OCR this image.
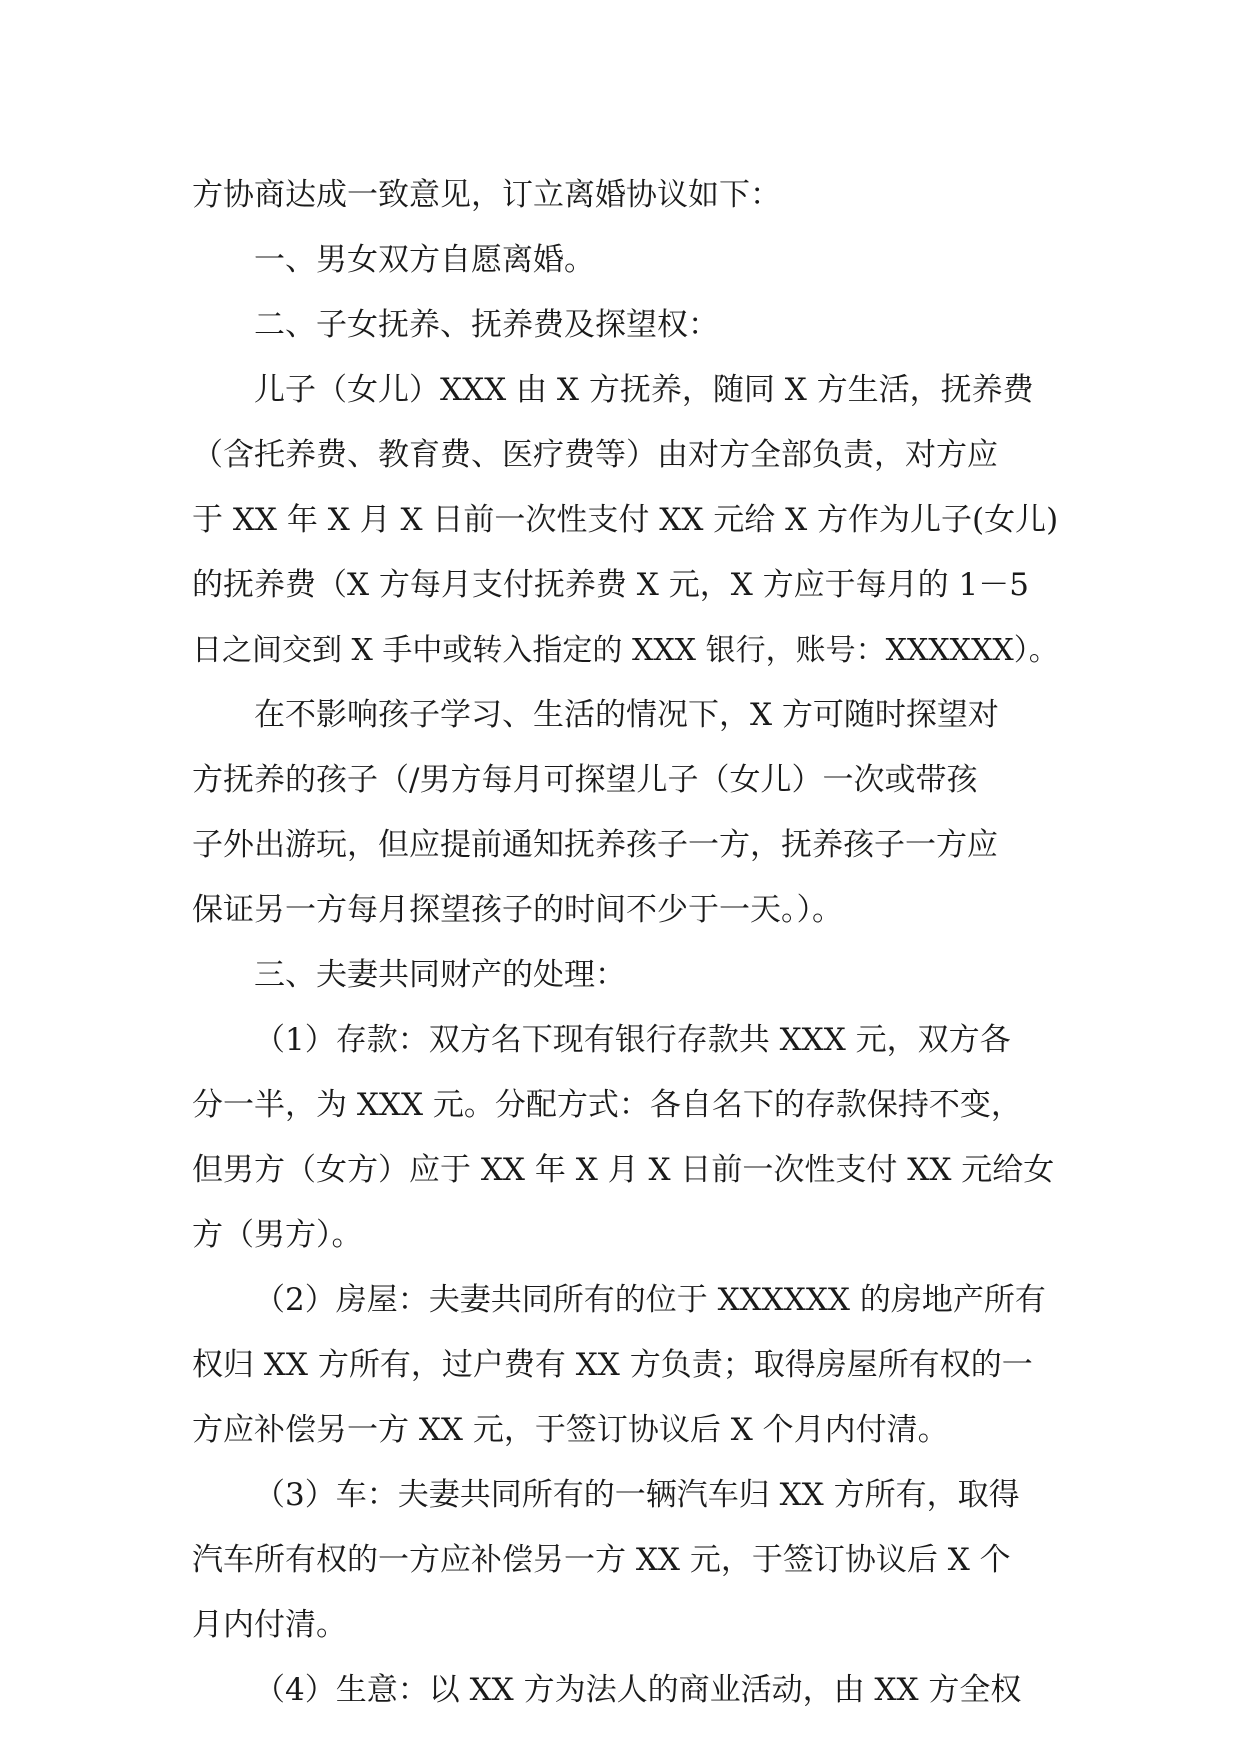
方协商达成一致意见，订立离婚协议如下：
一、男女双方自愿离婚。
二、子女抚养、抚养费及探望权：
儿子（女儿）XXX 由 X 方抚养，随同 X 方生活，抚养费
（含托养费、教育费、医疗费等）由对方全部负责，对方应
于 XX 年 X 月 X 日前一次性支付 XX 元给 X 方作为儿子(女儿)
的抚养费（X 方每月支付抚养费 X 元，X 方应于每月的 1－5
日之间交到 X 手中或转入指定的 XXX 银行，账号：XXXXXX）。
在不影响孩子学习、生活的情况下，X 方可随时探望对
方抚养的孩子（/男方每月可探望儿子（女儿）一次或带孩
子外出游玩，但应提前通知抚养孩子一方，抚养孩子一方应
保证另一方每月探望孩子的时间不少于一天。）。
三、夫妻共同财产的处理：
（1）存款：双方名下现有银行存款共 XXX 元，双方各
分一半，为 XXX 元。分配方式：各自名下的存款保持不变，
但男方（女方）应于 XX 年 X 月 X 日前一次性支付 XX 元给女
方（男方）。
（2）房屋：夫妻共同所有的位于 XXXXXX 的房地产所有
权归 XX 方所有，过户费有 XX 方负责；取得房屋所有权的一
方应补偿另一方 XX 元，于签订协议后 X 个月内付清。
（3）车：夫妻共同所有的一辆汽车归 XX 方所有，取得
汽车所有权的一方应补偿另一方 XX 元，于签订协议后 X 个
月内付清。
（4）生意：以 XX 方为法人的商业活动，由 XX 方全权
